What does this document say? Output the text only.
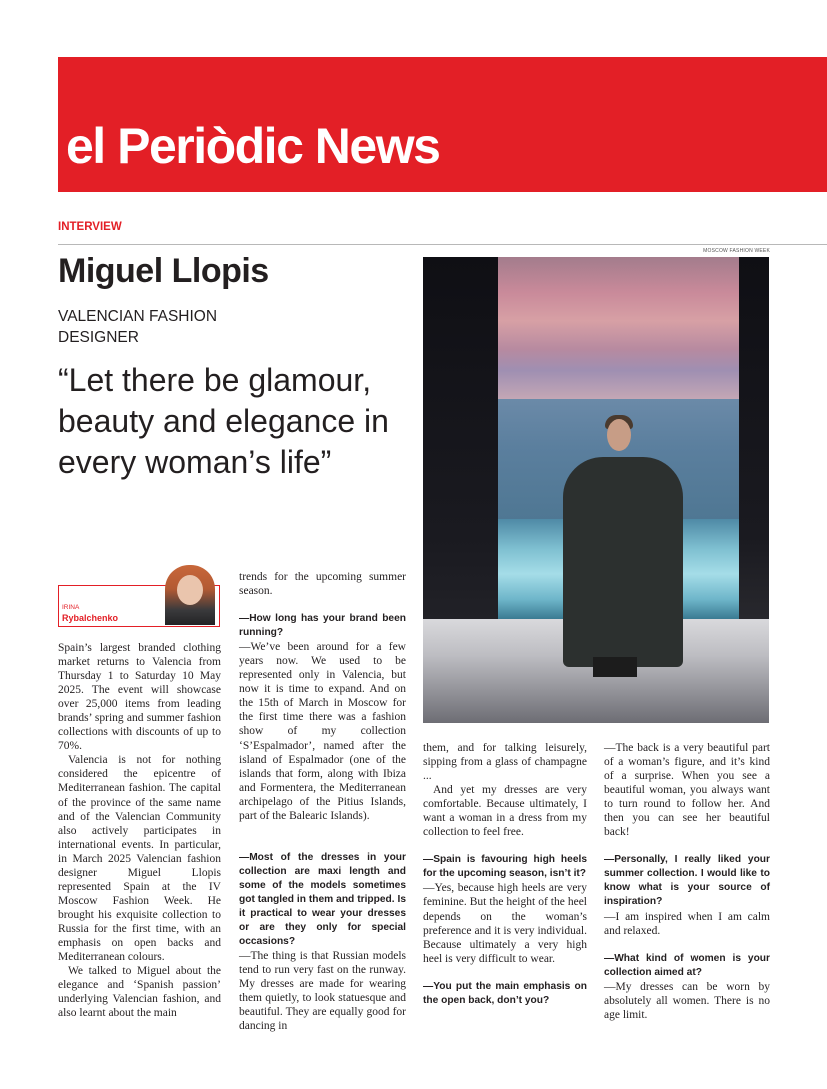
el Periòdic News
INTERVIEW
MOSCOW FASHION WEEK
Miguel Llopis
VALENCIAN FASHION DESIGNER
“Let there be glamour, beauty and elegance in every woman’s life”
IRINA
Rybalchenko

Spain’s largest branded clothing market returns to Valencia from Thursday 1 to Saturday 10 May 2025. The event will showcase over 25,000 items from leading brands’ spring and summer fashion collections with discounts of up to 70%.

Valencia is not for nothing considered the epicentre of Mediterranean fashion. The capital of the province of the same name and of the Valencian Community also actively participates in international events. In particular, in March 2025 Valencian fashion designer Miguel Llopis represented Spain at the IV Moscow Fashion Week. He brought his exquisite collection to Russia for the first time, with an emphasis on open backs and Mediterranean colours.

We talked to Miguel about the elegance and ‘Spanish passion’ underlying Valencian fashion, and also learnt about the main

trends for the upcoming summer season.

—How long has your brand been running?

—We’ve been around for a few years now. We used to be represented only in Valencia, but now it is time to expand. And on the 15th of March in Moscow for the first time there was a fashion show of my collection ‘S’Espalmador’, named after the island of Espalmador (one of the islands that form, along with Ibiza and Formentera, the Mediterranean archipelago of the Pitius Islands, part of the Balearic Islands).

—Most of the dresses in your collection are maxi length and some of the models sometimes got tangled in them and tripped. Is it practical to wear your dresses or are they only for special occasions?

—The thing is that Russian models tend to run very fast on the runway. My dresses are made for wearing them quietly, to look statuesque and beautiful. They are equally good for dancing in

them, and for talking leisurely, sipping from a glass of champagne ...

And yet my dresses are very comfortable. Because ultimately, I want a woman in a dress from my collection to feel free.

—Spain is favouring high heels for the upcoming season, isn’t it?

—Yes, because high heels are very feminine. But the height of the heel depends on the woman’s preference and it is very individual. Because ultimately a very high heel is very difficult to wear.

—You put the main emphasis on the open back, don’t you?

—The back is a very beautiful part of a woman’s figure, and it’s kind of a surprise. When you see a beautiful woman, you always want to turn round to follow her. And then you can see her beautiful back!

—Personally, I really liked your summer collection. I would like to know what is your source of inspiration?

—I am inspired when I am calm and relaxed.

—What kind of women is your collection aimed at?

—My dresses can be worn by absolutely all women. There is no age limit.
